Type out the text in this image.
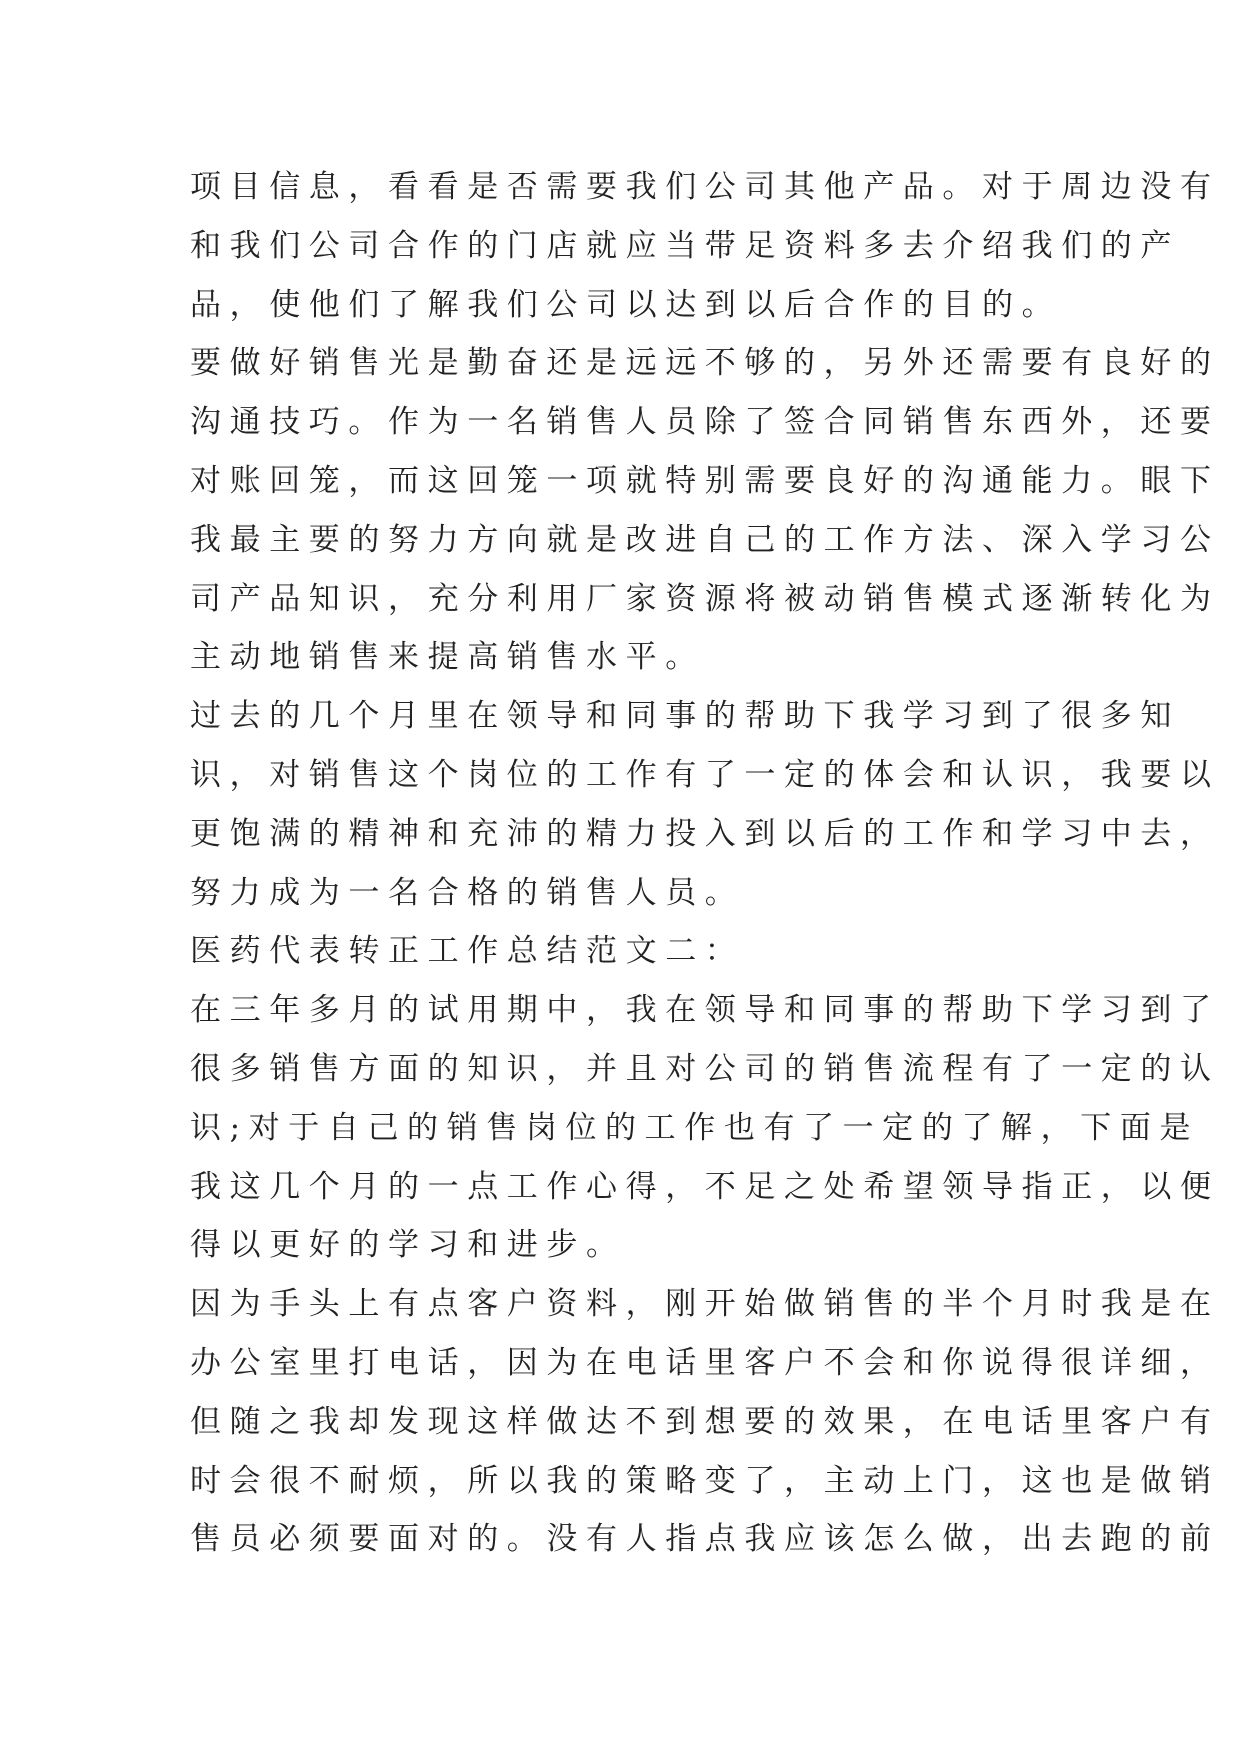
项目信息，看看是否需要我们公司其他产品。对于周边没有
和我们公司合作的门店就应当带足资料多去介绍我们的产
品，使他们了解我们公司以达到以后合作的目的。
要做好销售光是勤奋还是远远不够的，另外还需要有良好的
沟通技巧。作为一名销售人员除了签合同销售东西外，还要
对账回笼，而这回笼一项就特别需要良好的沟通能力。眼下
我最主要的努力方向就是改进自己的工作方法、深入学习公
司产品知识，充分利用厂家资源将被动销售模式逐渐转化为
主动地销售来提高销售水平。
过去的几个月里在领导和同事的帮助下我学习到了很多知
识，对销售这个岗位的工作有了一定的体会和认识，我要以
更饱满的精神和充沛的精力投入到以后的工作和学习中去，
努力成为一名合格的销售人员。
医药代表转正工作总结范文二：
在三年多月的试用期中，我在领导和同事的帮助下学习到了
很多销售方面的知识，并且对公司的销售流程有了一定的认
识;对于自己的销售岗位的工作也有了一定的了解，下面是
我这几个月的一点工作心得，不足之处希望领导指正，以便
得以更好的学习和进步。
因为手头上有点客户资料，刚开始做销售的半个月时我是在
办公室里打电话，因为在电话里客户不会和你说得很详细，
但随之我却发现这样做达不到想要的效果，在电话里客户有
时会很不耐烦，所以我的策略变了，主动上门，这也是做销
售员必须要面对的。没有人指点我应该怎么做，出去跑的前
